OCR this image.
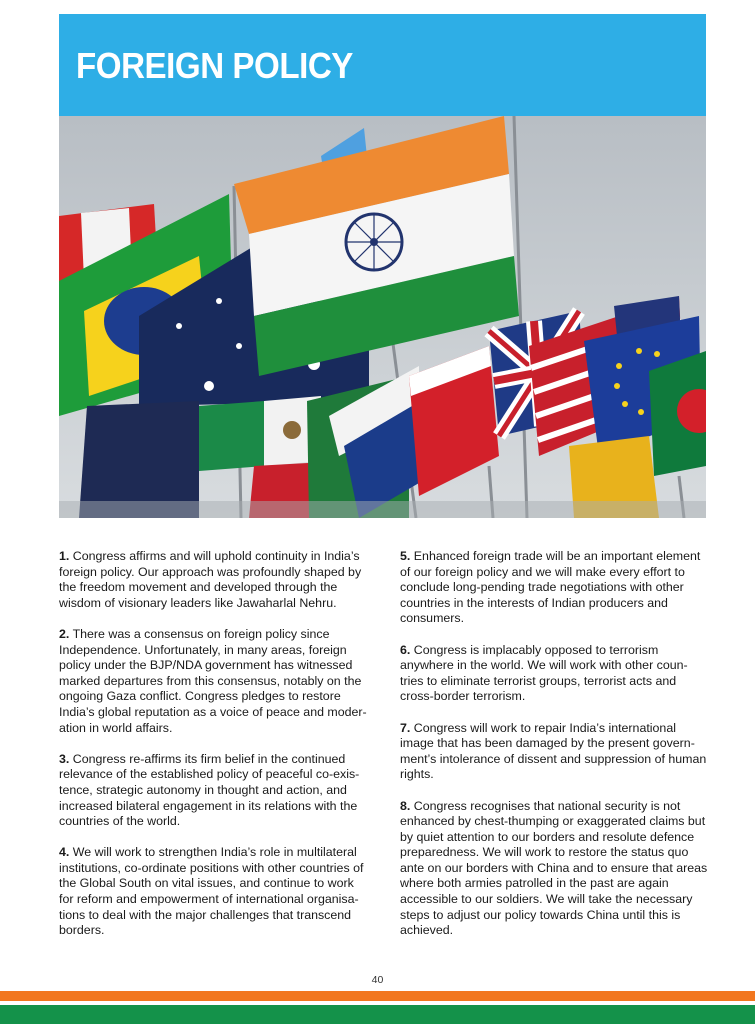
FOREIGN POLICY

1. Congress affirms and will uphold continuity in India’s foreign policy. Our approach was profoundly shaped by the freedom movement and developed through the wisdom of visionary leaders like Jawaharlal Nehru.

2. There was a consensus on foreign policy since Independence. Unfortunately, in many areas, foreign policy under the BJP/NDA government has witnessed marked departures from this consensus, notably on the ongoing Gaza conflict. Congress pledges to restore India’s global reputation as a voice of peace and moder-ation in world affairs.

3. Congress re-affirms its firm belief in the continued relevance of the established policy of peaceful co-exis-tence, strategic autonomy in thought and action, and increased bilateral engagement in its relations with the countries of the world.

4. We will work to strengthen India’s role in multilateral institutions, co-ordinate positions with other countries of the Global South on vital issues, and continue to work for reform and empowerment of international organisa-tions to deal with the major challenges that transcend borders.

5. Enhanced foreign trade will be an important element of our foreign policy and we will make every effort to conclude long-pending trade negotiations with other countries in the interests of Indian producers and consumers.

6. Congress is implacably opposed to terrorism anywhere in the world. We will work with other coun-tries to eliminate terrorist groups, terrorist acts and cross-border terrorism.

7. Congress will work to repair India’s international image that has been damaged by the present govern-ment’s intolerance of dissent and suppression of human rights.

8. Congress recognises that national security is not enhanced by chest-thumping or exaggerated claims but by quiet attention to our borders and resolute defence preparedness. We will work to restore the status quo ante on our borders with China and to ensure that areas where both armies patrolled in the past are again accessible to our soldiers. We will take the necessary steps to adjust our policy towards China until this is achieved.

40
